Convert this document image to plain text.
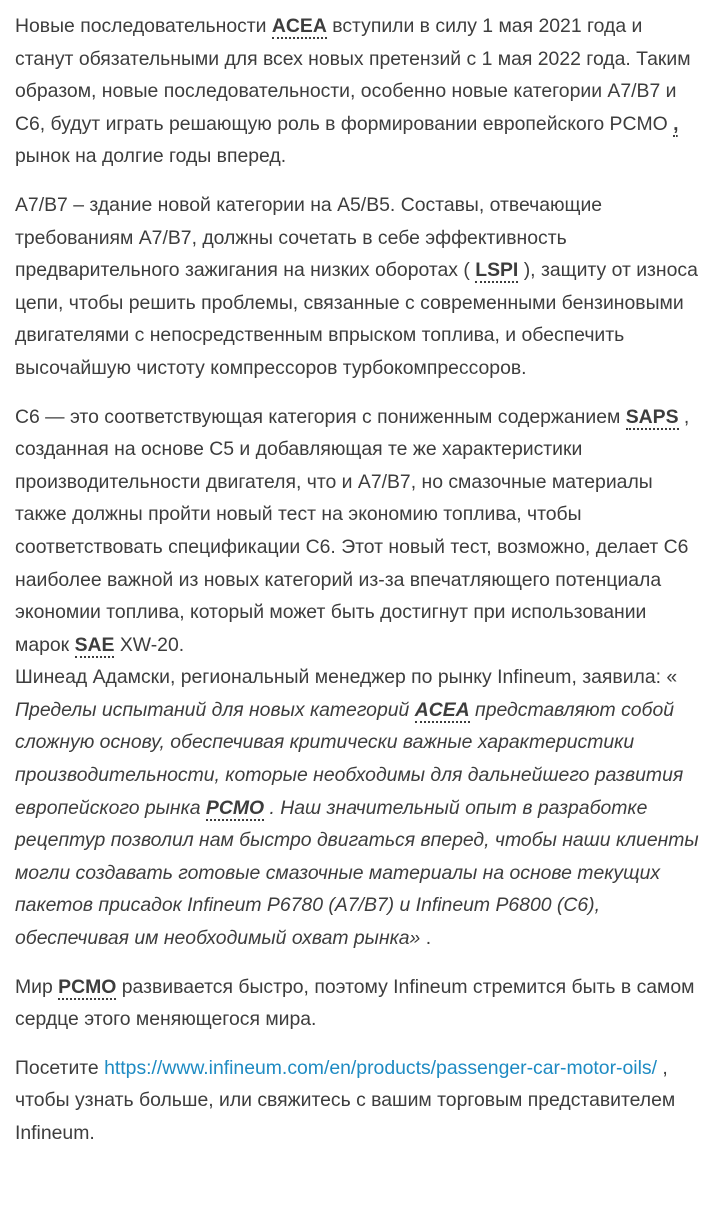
Новые последовательности ACEA вступили в силу 1 мая 2021 года и станут обязательными для всех новых претензий с 1 мая 2022 года. Таким образом, новые последовательности, особенно новые категории A7/B7 и C6, будут играть решающую роль в формировании европейского PCMO , рынок на долгие годы вперед.

A7/B7 – здание новой категории на A5/B5. Составы, отвечающие требованиям A7/B7, должны сочетать в себе эффективность предварительного зажигания на низких оборотах ( LSPI ), защиту от износа цепи, чтобы решить проблемы, связанные с современными бензиновыми двигателями с непосредственным впрыском топлива, и обеспечить высочайшую чистоту компрессоров турбокомпрессоров.

C6 — это соответствующая категория с пониженным содержанием SAPS , созданная на основе C5 и добавляющая те же характеристики производительности двигателя, что и A7/B7, но смазочные материалы также должны пройти новый тест на экономию топлива, чтобы соответствовать спецификации C6. Этот новый тест, возможно, делает C6 наиболее важной из новых категорий из-за впечатляющего потенциала экономии топлива, который может быть достигнут при использовании марок SAE XW-20.

Шинеад Адамски, региональный менеджер по рынку Infineum, заявила: « Пределы испытаний для новых категорий ACEA представляют собой сложную основу, обеспечивая критически важные характеристики производительности, которые необходимы для дальнейшего развития европейского рынка PCMO . Наш значительный опыт в разработке рецептур позволил нам быстро двигаться вперед, чтобы наши клиенты могли создавать готовые смазочные материалы на основе текущих пакетов присадок Infineum P6780 (A7/B7) и Infineum P6800 (C6), обеспечивая им необходимый охват рынка» .

Мир PCMO развивается быстро, поэтому Infineum стремится быть в самом сердце этого меняющегося мира.

Посетите https://www.infineum.com/en/products/passenger-car-motor-oils/ , чтобы узнать больше, или свяжитесь с вашим торговым представителем Infineum.
